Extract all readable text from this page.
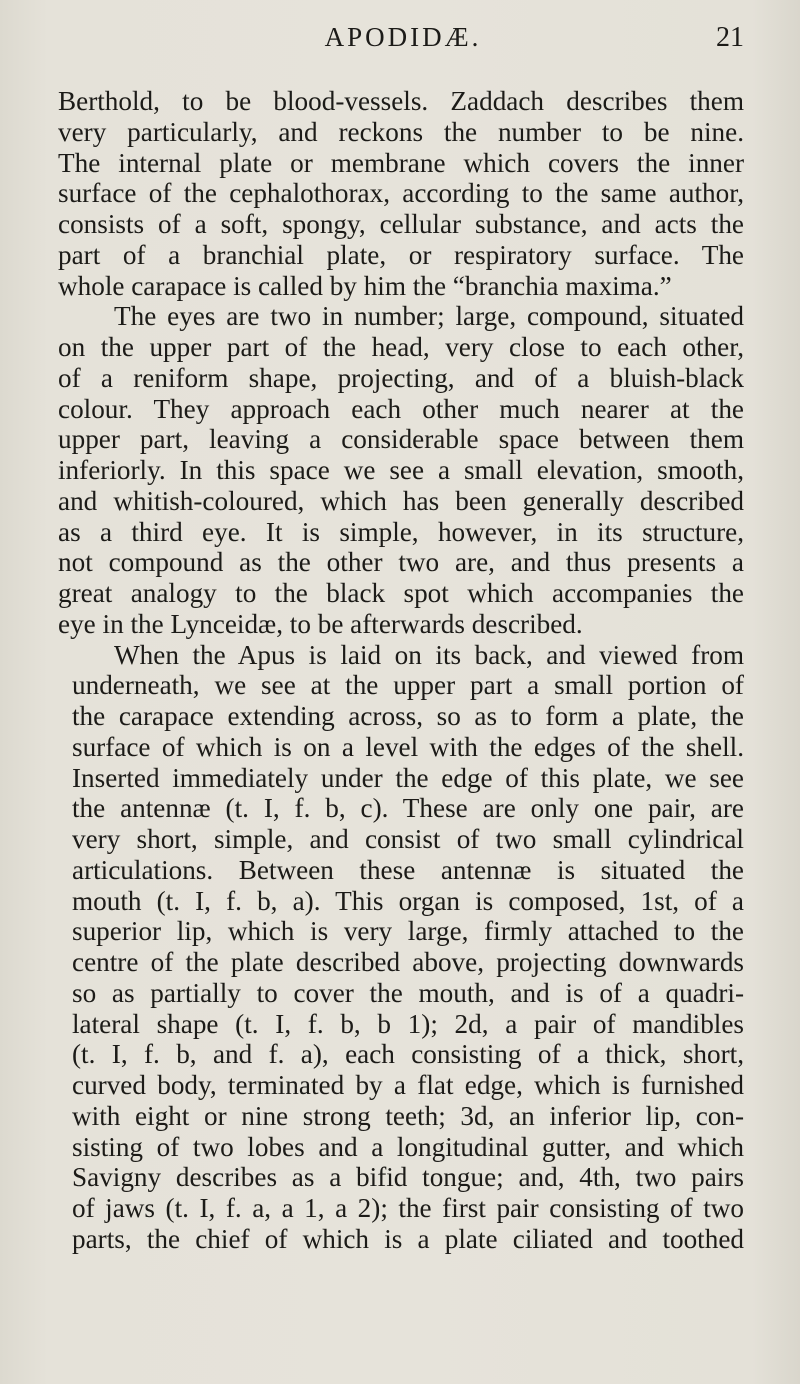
APODIDÆ.	21
Berthold, to be blood-vessels. Zaddach describes them
very particularly, and reckons the number to be nine.
The internal plate or membrane which covers the inner
surface of the cephalothorax, according to the same author,
consists of a soft, spongy, cellular substance, and acts the
part of a branchial plate, or respiratory surface. The
whole carapace is called by him the “branchia maxima.”
The eyes are two in number; large, compound, situated
on the upper part of the head, very close to each other,
of a reniform shape, projecting, and of a bluish-black
colour. They approach each other much nearer at the
upper part, leaving a considerable space between them
inferiorly. In this space we see a small elevation, smooth,
and whitish-coloured, which has been generally described
as a third eye. It is simple, however, in its structure,
not compound as the other two are, and thus presents a
great analogy to the black spot which accompanies the
eye in the Lynceidæ, to be afterwards described.
When the Apus is laid on its back, and viewed from
underneath, we see at the upper part a small portion of
the carapace extending across, so as to form a plate, the
surface of which is on a level with the edges of the shell.
Inserted immediately under the edge of this plate, we see
the antennæ (t. I, f. b, c). These are only one pair, are
very short, simple, and consist of two small cylindrical
articulations. Between these antennæ is situated the
mouth (t. I, f. b, a). This organ is composed, 1st, of a
superior lip, which is very large, firmly attached to the
centre of the plate described above, projecting downwards
so as partially to cover the mouth, and is of a quadri-
lateral shape (t. I, f. b, b 1); 2d, a pair of mandibles
(t. I, f. b, and f. a), each consisting of a thick, short,
curved body, terminated by a flat edge, which is furnished
with eight or nine strong teeth; 3d, an inferior lip, con-
sisting of two lobes and a longitudinal gutter, and which
Savigny describes as a bifid tongue; and, 4th, two pairs
of jaws (t. I, f. a, a 1, a 2); the first pair consisting of two
parts, the chief of which is a plate ciliated and toothed
